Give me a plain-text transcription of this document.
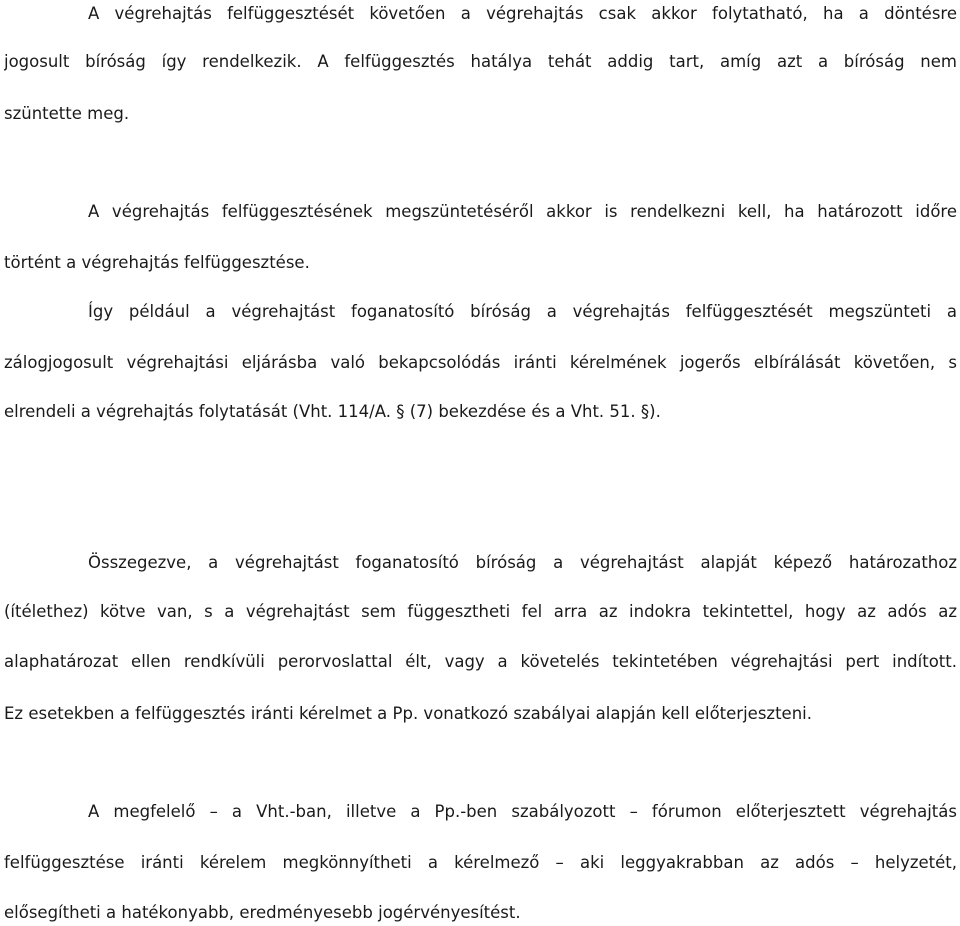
A végrehajtás felfüggesztését követően a végrehajtás csak akkor folytatható, ha a döntésre
jogosult bíróság így rendelkezik. A felfüggesztés hatálya tehát addig tart, amíg azt a bíróság nem
szüntette meg.
A végrehajtás felfüggesztésének megszüntetéséről akkor is rendelkezni kell, ha határozott időre
történt a végrehajtás felfüggesztése.
Így például a végrehajtást foganatosító bíróság a végrehajtás felfüggesztését megszünteti a
zálogjogosult végrehajtási eljárásba való bekapcsolódás iránti kérelmének jogerős elbírálását követően, s
elrendeli a végrehajtás folytatását (Vht. 114/A. § (7) bekezdése és a Vht. 51. §).
Összegezve, a végrehajtást foganatosító bíróság a végrehajtást alapját képező határozathoz
(ítélethez) kötve van, s a végrehajtást sem függesztheti fel arra az indokra tekintettel, hogy az adós az
alaphatározat ellen rendkívüli perorvoslattal élt, vagy a követelés tekintetében végrehajtási pert indított.
Ez esetekben a felfüggesztés iránti kérelmet a Pp. vonatkozó szabályai alapján kell előterjeszteni.
A megfelelő – a Vht.-ban, illetve a Pp.-ben szabályozott – fórumon előterjesztett végrehajtás
felfüggesztése iránti kérelem megkönnyítheti a kérelmező – aki leggyakrabban az adós – helyzetét,
elősegítheti a hatékonyabb, eredményesebb jogérvényesítést.
